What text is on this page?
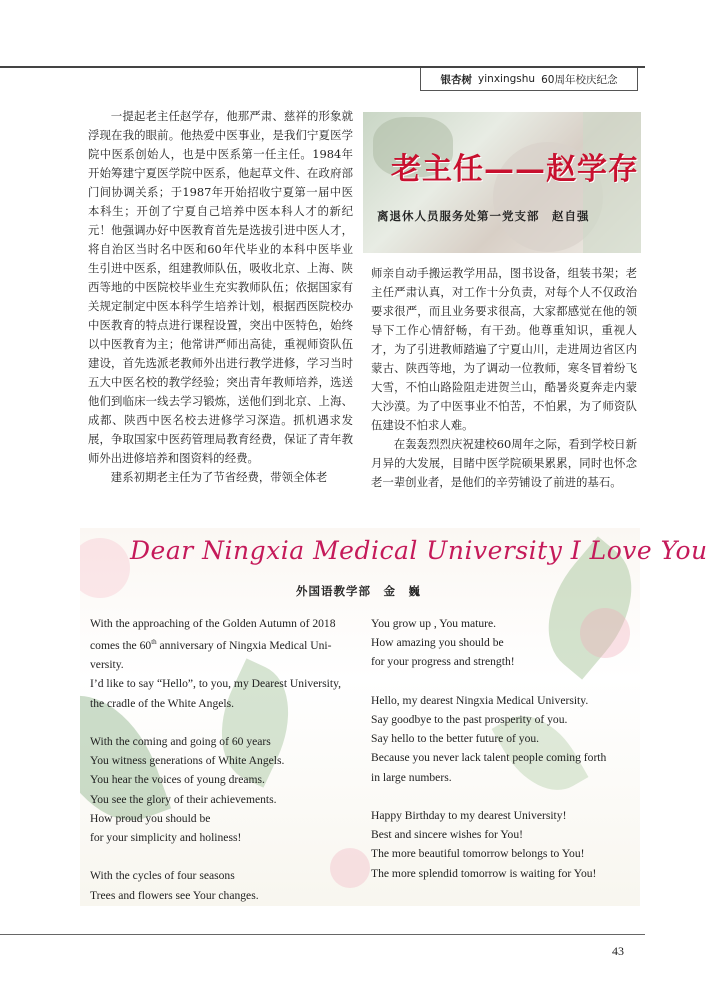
银杏树 yinxingshu 60周年校庆纪念

一提起老主任赵学存，他那严肃、慈祥的形象就浮现在我的眼前。他热爱中医事业，是我们宁夏医学院中医系创始人，也是中医系第一任主任。1984年开始筹建宁夏医学院中医系，他起草文件、在政府部门间协调关系；于1987年开始招收宁夏第一届中医本科生；开创了宁夏自己培养中医本科人才的新纪元！他强调办好中医教育首先是选拔引进中医人才，将自治区当时名中医和60年代毕业的本科中医毕业生引进中医系，组建教师队伍，吸收北京、上海、陕西等地的中医院校毕业生充实教师队伍；依据国家有关规定制定中医本科学生培养计划，根据西医院校办中医教育的特点进行课程设置，突出中医特色，始终以中医教育为主；他常讲严师出高徒，重视师资队伍建设，首先选派老教师外出进行教学进修，学习当时五大中医名校的教学经验；突出青年教师培养，选送他们到临床一线去学习锻炼，送他们到北京、上海、成都、陕西中医名校去进修学习深造。抓机遇求发展，争取国家中医药管理局教育经费，保证了青年教师外出进修培养和图资料的经费。

建系初期老主任为了节省经费，带领全体老

老主任——赵学存
离退休人员服务处第一党支部　赵自强

师亲自动手搬运教学用品，图书设备，组装书架；老主任严肃认真，对工作十分负责，对每个人不仅政治要求很严，而且业务要求很高，大家都感觉在他的领导下工作心情舒畅，有干劲。他尊重知识，重视人才，为了引进教师踏遍了宁夏山川，走进周边省区内蒙古、陕西等地，为了调动一位教师，寒冬冒着纷飞大雪，不怕山路险阻走进贺兰山，酷暑炎夏奔走内蒙大沙漠。为了中医事业不怕苦，不怕累，为了师资队伍建设不怕求人难。

在轰轰烈烈庆祝建校60周年之际，看到学校日新月异的大发展，目睹中医学院硕果累累，同时也怀念老一辈创业者，是他们的辛劳铺设了前进的基石。

Dear Ningxia Medical University I Love You
外国语教学部　金　巍
With the approaching of the Golden Autumn of 2018
comes the 60th anniversary of Ningxia Medical Uni-
versity.
I’d like to say “Hello”, to you, my Dearest University,
the cradle of the White Angels.
With the coming and going of 60 years
You witness generations of White Angels.
You hear the voices of young dreams.
You see the glory of their achievements.
How proud you should be
for your simplicity and holiness!
With the cycles of four seasons
Trees and flowers see Your changes.
You grow up , You mature.
How amazing you should be
for your progress and strength!
Hello, my dearest Ningxia Medical University.
Say goodbye to the past prosperity of you.
Say hello to the better future of you.
Because you never lack talent people coming forth
in large numbers.
Happy Birthday to my dearest University!
Best and sincere wishes for You!
The more beautiful tomorrow belongs to You!
The more splendid tomorrow is waiting for You!
43
